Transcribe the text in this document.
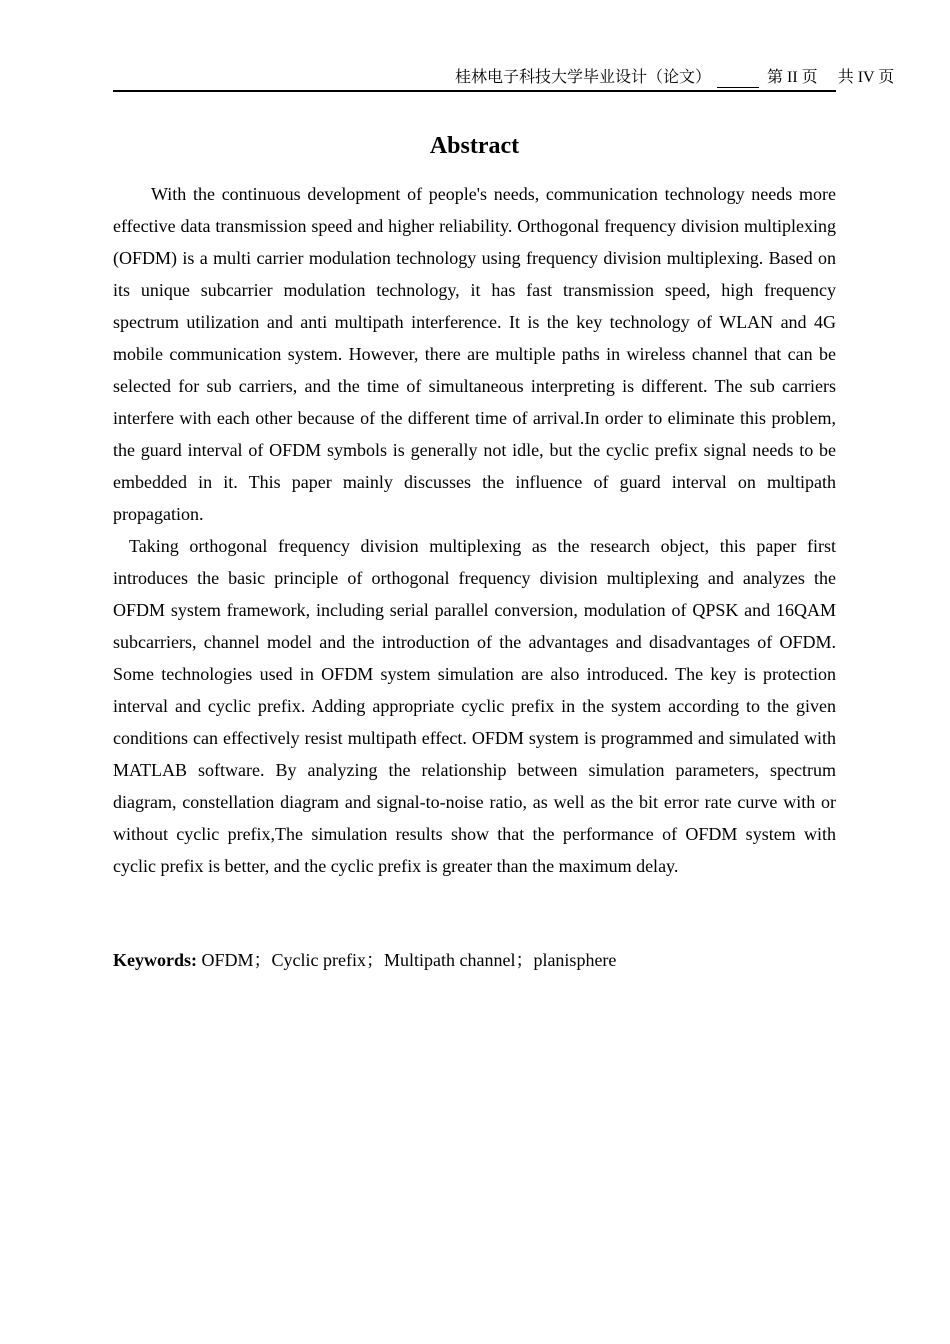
桂林电子科技大学毕业设计（论文）	第 II 页 共 IV 页
Abstract

With the continuous development of people's needs, communication technology needs more effective data transmission speed and higher reliability. Orthogonal frequency division multiplexing (OFDM) is a multi carrier modulation technology using frequency division multiplexing. Based on its unique subcarrier modulation technology, it has fast transmission speed, high frequency spectrum utilization and anti multipath interference. It is the key technology of WLAN and 4G mobile communication system. However, there are multiple paths in wireless channel that can be selected for sub carriers, and the time of simultaneous interpreting is different. The sub carriers interfere with each other because of the different time of arrival.In order to eliminate this problem, the guard interval of OFDM symbols is generally not idle, but the cyclic prefix signal needs to be embedded in it. This paper mainly discusses the influence of guard interval on multipath propagation.

Taking orthogonal frequency division multiplexing as the research object, this paper first introduces the basic principle of orthogonal frequency division multiplexing and analyzes the OFDM system framework, including serial parallel conversion, modulation of QPSK and 16QAM subcarriers, channel model and the introduction of the advantages and disadvantages of OFDM. Some technologies used in OFDM system simulation are also introduced. The key is protection interval and cyclic prefix. Adding appropriate cyclic prefix in the system according to the given conditions can effectively resist multipath effect. OFDM system is programmed and simulated with MATLAB software. By analyzing the relationship between simulation parameters, spectrum diagram, constellation diagram and signal-to-noise ratio, as well as the bit error rate curve with or without cyclic prefix,The simulation results show that the performance of OFDM system with cyclic prefix is better, and the cyclic prefix is greater than the maximum delay.

Keywords: OFDM；Cyclic prefix；Multipath channel；planisphere
